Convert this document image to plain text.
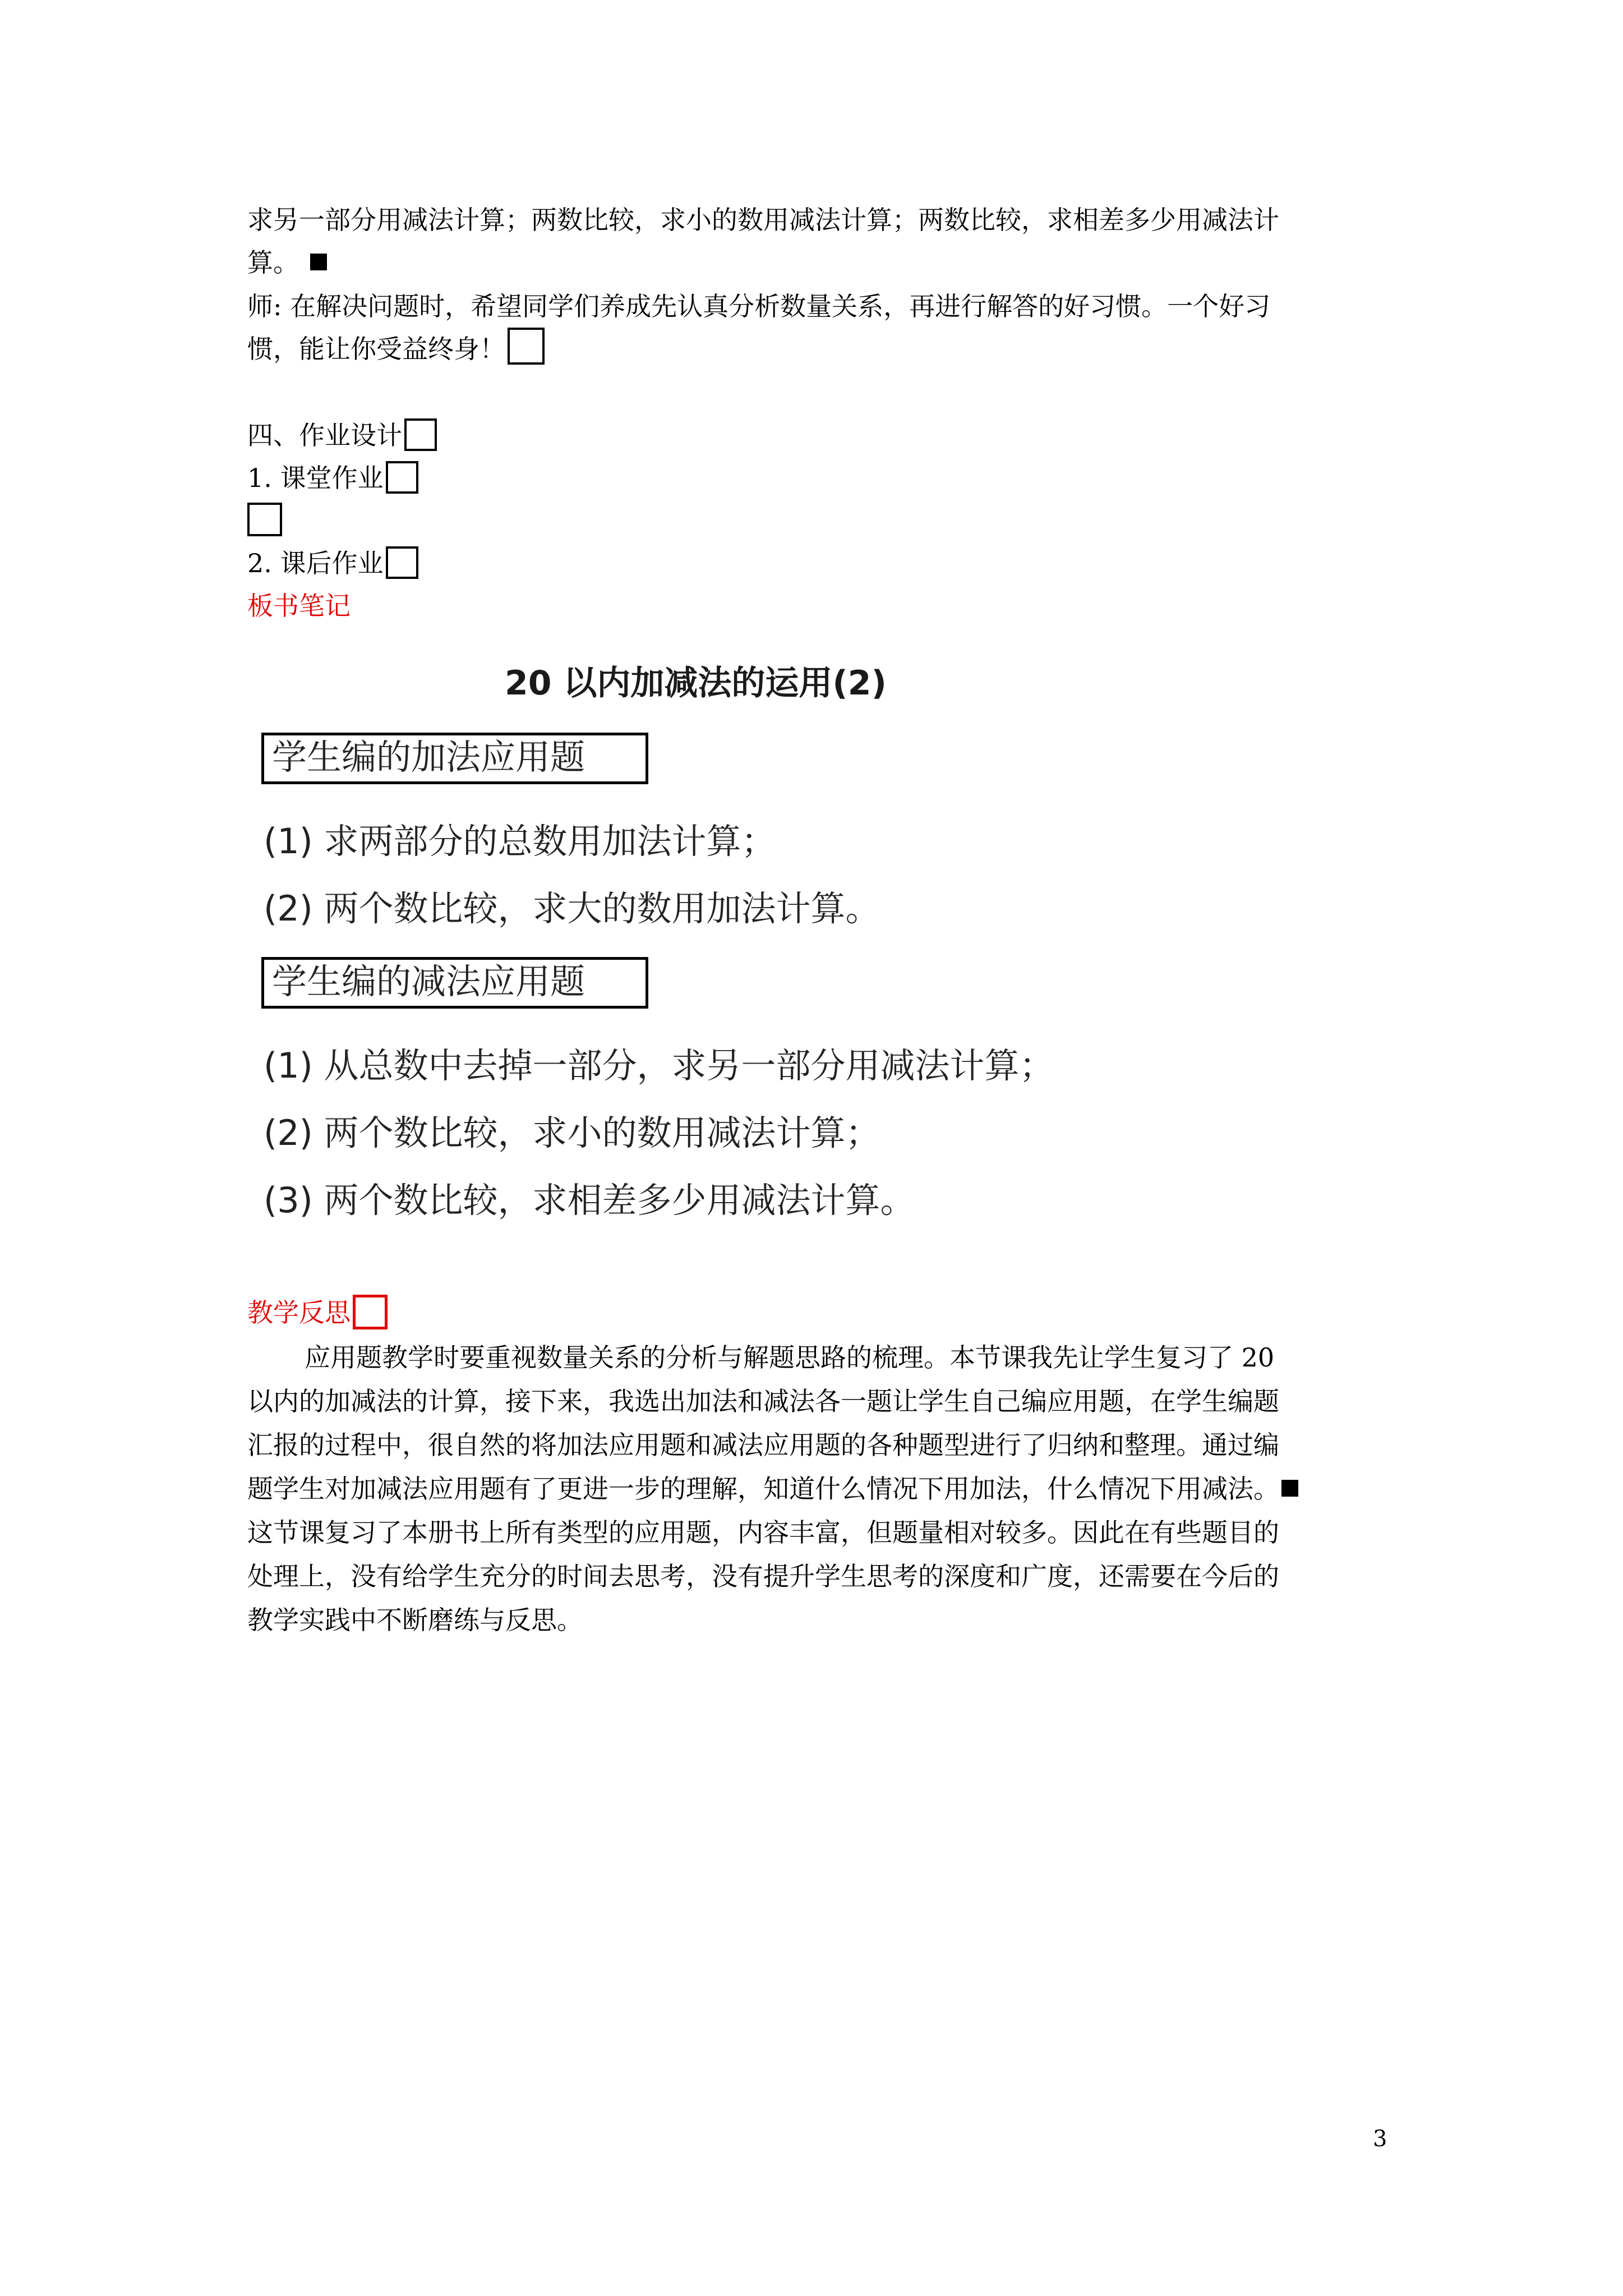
求另一部分用减法计算；两数比较，求小的数用减法计算；两数比较，求相差多少用减法计
算。
师: 在解决问题时，希望同学们养成先认真分析数量关系，再进行解答的好习惯。一个好习
惯，能让你受益终身！
四、作业设计
1. 课堂作业
2. 课后作业
板书笔记
20 以内加减法的运用(2)
学生编的加法应用题
(1) 求两部分的总数用加法计算；
(2) 两个数比较，求大的数用加法计算。
学生编的减法应用题
(1) 从总数中去掉一部分，求另一部分用减法计算；
(2) 两个数比较，求小的数用减法计算；
(3) 两个数比较，求相差多少用减法计算。
教学反思
应用题教学时要重视数量关系的分析与解题思路的梳理。本节课我先让学生复习了 20
以内的加减法的计算，接下来，我选出加法和减法各一题让学生自己编应用题，在学生编题
汇报的过程中，很自然的将加法应用题和减法应用题的各种题型进行了归纳和整理。通过编
题学生对加减法应用题有了更进一步的理解，知道什么情况下用加法，什么情况下用减法。
这节课复习了本册书上所有类型的应用题，内容丰富，但题量相对较多。因此在有些题目的
处理上，没有给学生充分的时间去思考，没有提升学生思考的深度和广度，还需要在今后的
教学实践中不断磨练与反思。
3
